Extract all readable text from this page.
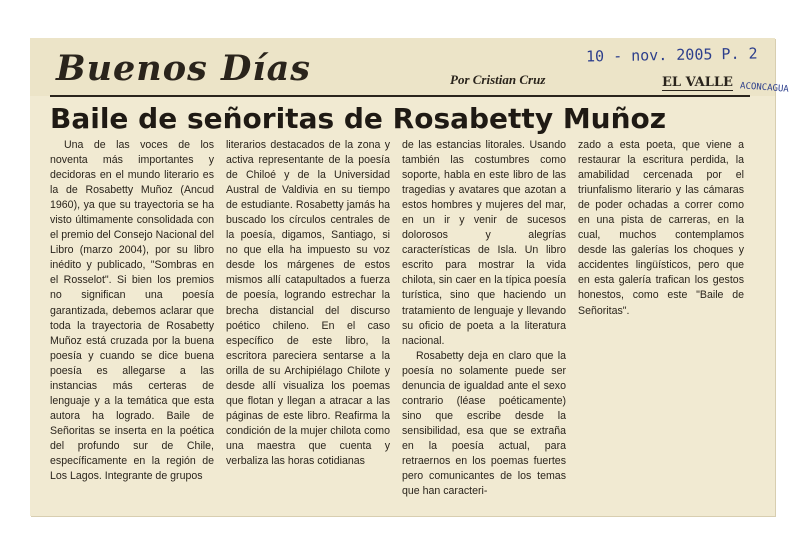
Buenos Días	Por Cristian Cruz
10 - nov. 2005 P. 2
ACONCAGUA
EL VALLE
Baile de señoritas de Rosabetty Muñoz

Una de las voces de los noventa más importantes y decidoras en el mundo literario es la de Rosabetty Muñoz (Ancud 1960), ya que su trayectoria se ha visto últimamente consolidada con el premio del Consejo Nacional del Libro (marzo 2004), por su libro inédito y publicado, "Sombras en el Rosselot". Si bien los premios no significan una poesía garantizada, debemos aclarar que toda la trayectoria de Rosabetty Muñoz está cruzada por la buena poesía y cuando se dice buena poesía es allegarse a las instancias más certeras de lenguaje y a la temática que esta autora ha logrado. Baile de Señoritas se inserta en la poética del profundo sur de Chile, específicamente en la región de Los Lagos. Integrante de grupos

literarios destacados de la zona y activa representante de la poesía de Chiloé y de la Universidad Austral de Valdivia en su tiempo de estudiante. Rosabetty jamás ha buscado los círculos centrales de la poesía, digamos, Santiago, si no que ella ha impuesto su voz desde los márgenes de estos mismos allí catapultados a fuerza de poesía, logrando estrechar la brecha distancial del discurso poético chileno. En el caso específico de este libro, la escritora pareciera sentarse a la orilla de su Archipiélago Chilote y desde allí visualiza los poemas que flotan y llegan a atracar a las páginas de este libro. Reafirma la condición de la mujer chilota como una maestra que cuenta y verbaliza las horas cotidianas

de las estancias litorales. Usando también las costumbres como soporte, habla en este libro de las tragedias y avatares que azotan a estos hombres y mujeres del mar, en un ir y venir de sucesos dolorosos y alegrías características de Isla. Un libro escrito para mostrar la vida chilota, sin caer en la típica poesía turística, sino que haciendo un tratamiento de lenguaje y llevando su oficio de poeta a la literatura nacional.

Rosabetty deja en claro que la poesía no solamente puede ser denuncia de igualdad ante el sexo contrario (léase poéticamente) sino que escribe desde la sensibilidad, esa que se extraña en la poesía actual, para retraernos en los poemas fuertes pero comunicantes de los temas que han caracteri-

zado a esta poeta, que viene a restaurar la escritura perdida, la amabilidad cercenada por el triunfalismo literario y las cámaras de poder ochadas a correr como en una pista de carreras, en la cual, muchos contemplamos desde las galerías los choques y accidentes lingüísticos, pero que en esta galería trafican los gestos honestos, como este "Baile de Señoritas".
